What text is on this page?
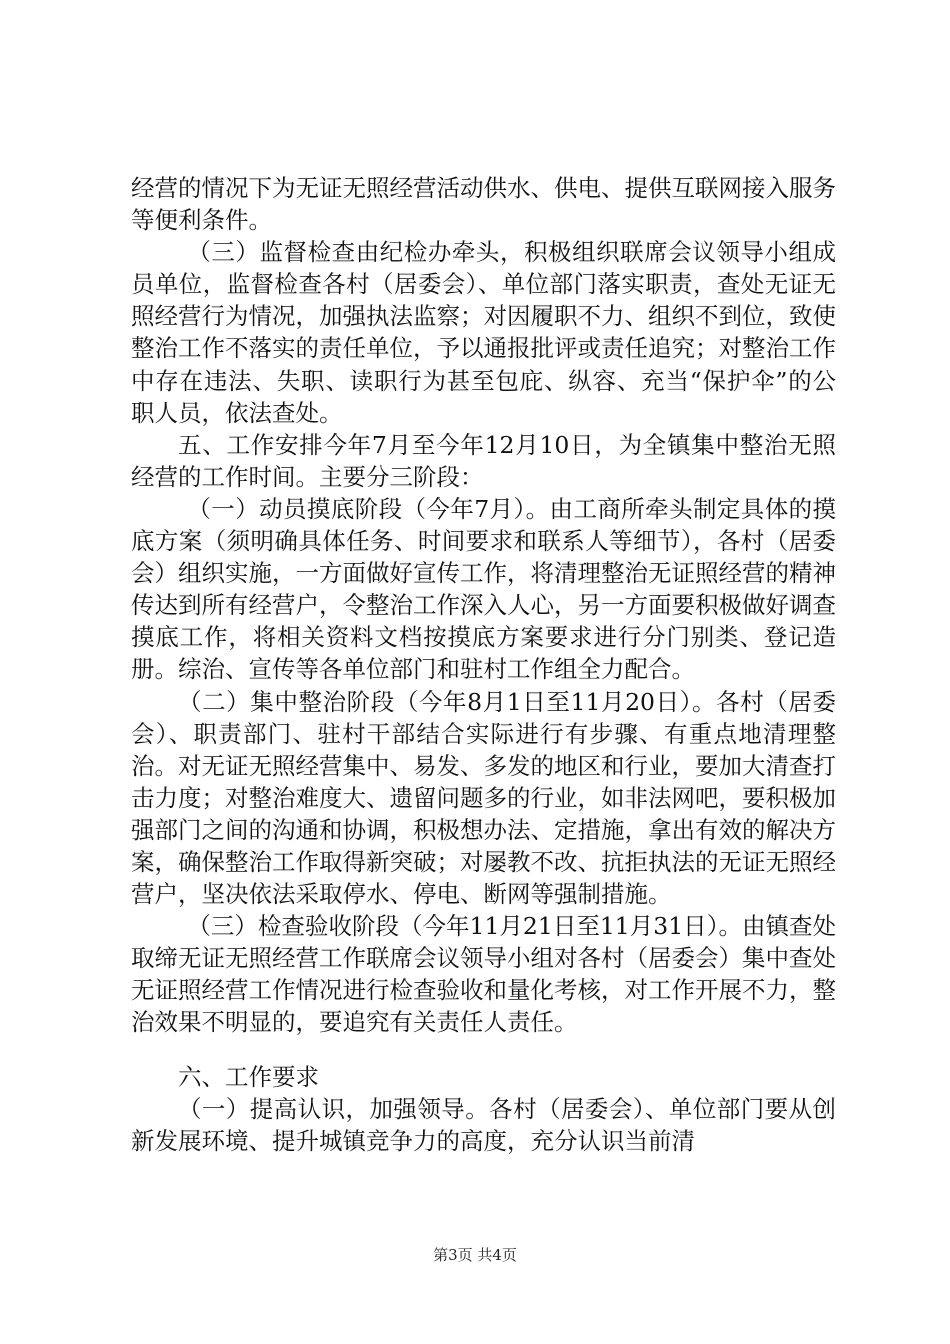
经营的情况下为无证无照经营活动供水、供电、提供互联网接入服务等便利条件。

（三）监督检查由纪检办牵头，积极组织联席会议领导小组成员单位，监督检查各村（居委会）、单位部门落实职责，查处无证无照经营行为情况，加强执法监察；对因履职不力、组织不到位，致使整治工作不落实的责任单位，予以通报批评或责任追究；对整治工作中存在违法、失职、读职行为甚至包庇、纵容、充当“保护伞”的公职人员，依法查处。

五、工作安排今年7月至今年12月10日，为全镇集中整治无照经营的工作时间。主要分三阶段：

（一）动员摸底阶段（今年7月）。由工商所牵头制定具体的摸底方案（须明确具体任务、时间要求和联系人等细节），各村（居委会）组织实施，一方面做好宣传工作，将清理整治无证照经营的精神传达到所有经营户，令整治工作深入人心，另一方面要积极做好调查摸底工作，将相关资料文档按摸底方案要求进行分门别类、登记造册。综治、宣传等各单位部门和驻村工作组全力配合。

（二）集中整治阶段（今年8月1日至11月20日）。各村（居委会）、职责部门、驻村干部结合实际进行有步骤、有重点地清理整治。对无证无照经营集中、易发、多发的地区和行业，要加大清查打击力度；对整治难度大、遗留问题多的行业，如非法网吧，要积极加强部门之间的沟通和协调，积极想办法、定措施，拿出有效的解决方案，确保整治工作取得新突破；对屡教不改、抗拒执法的无证无照经营户，坚决依法采取停水、停电、断网等强制措施。

（三）检查验收阶段（今年11月21日至11月31日）。由镇查处取缔无证无照经营工作联席会议领导小组对各村（居委会）集中查处无证照经营工作情况进行检查验收和量化考核，对工作开展不力，整治效果不明显的，要追究有关责任人责任。

六、工作要求

（一）提高认识，加强领导。各村（居委会）、单位部门要从创新发展环境、提升城镇竞争力的高度，充分认识当前清

第3页 共4页
